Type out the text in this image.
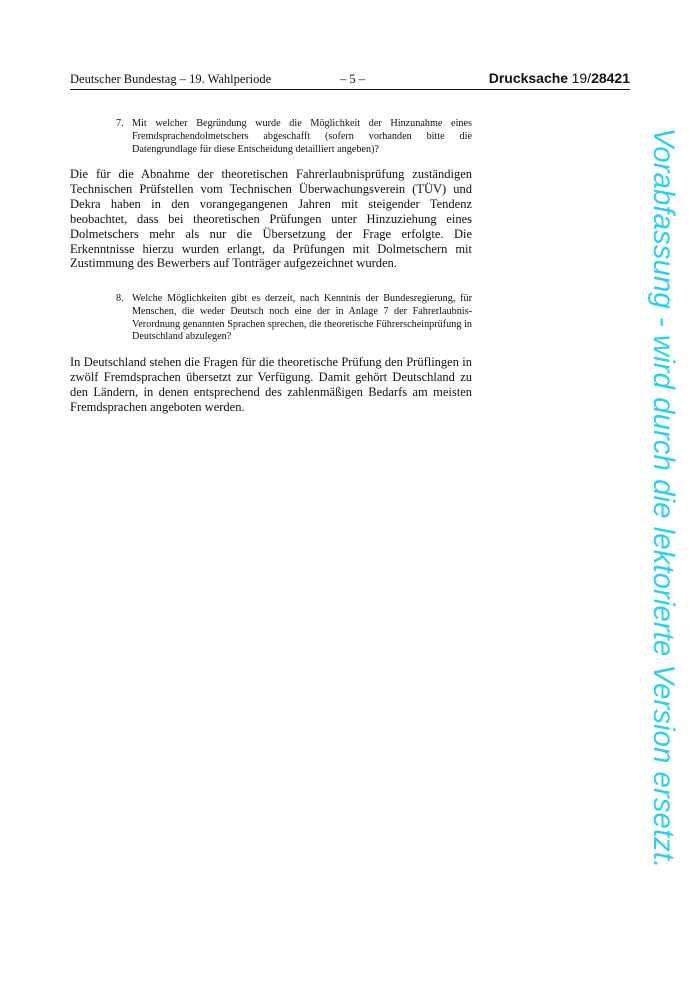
Deutscher Bundestag – 19. Wahlperiode	– 5 –	Drucksache 19/28421
7. Mit welcher Begründung wurde die Möglichkeit der Hinzunahme eines Fremdsprachendolmetschers abgeschafft (sofern vorhanden bitte die Datengrundlage für diese Entscheidung detailliert angeben)?
Die für die Abnahme der theoretischen Fahrerlaubnisprüfung zuständigen Technischen Prüfstellen vom Technischen Überwachungsverein (TÜV) und Dekra haben in den vorangegangenen Jahren mit steigender Tendenz beobachtet, dass bei theoretischen Prüfungen unter Hinzuziehung eines Dolmetschers mehr als nur die Übersetzung der Frage erfolgte. Die Erkenntnisse hierzu wurden erlangt, da Prüfungen mit Dolmetschern mit Zustimmung des Bewerbers auf Tonträger aufgezeichnet wurden.
8. Welche Möglichkeiten gibt es derzeit, nach Kenntnis der Bundesregierung, für Menschen, die weder Deutsch noch eine der in Anlage 7 der Fahrerlaubnis-Verordnung genannten Sprachen sprechen, die theoretische Führerscheinprüfung in Deutschland abzulegen?
In Deutschland stehen die Fragen für die theoretische Prüfung den Prüflingen in zwölf Fremdsprachen übersetzt zur Verfügung. Damit gehört Deutschland zu den Ländern, in denen entsprechend des zahlenmäßigen Bedarfs am meisten Fremdsprachen angeboten werden.	Vorabfassung - wird durch die lektorierte Version ersetzt.
